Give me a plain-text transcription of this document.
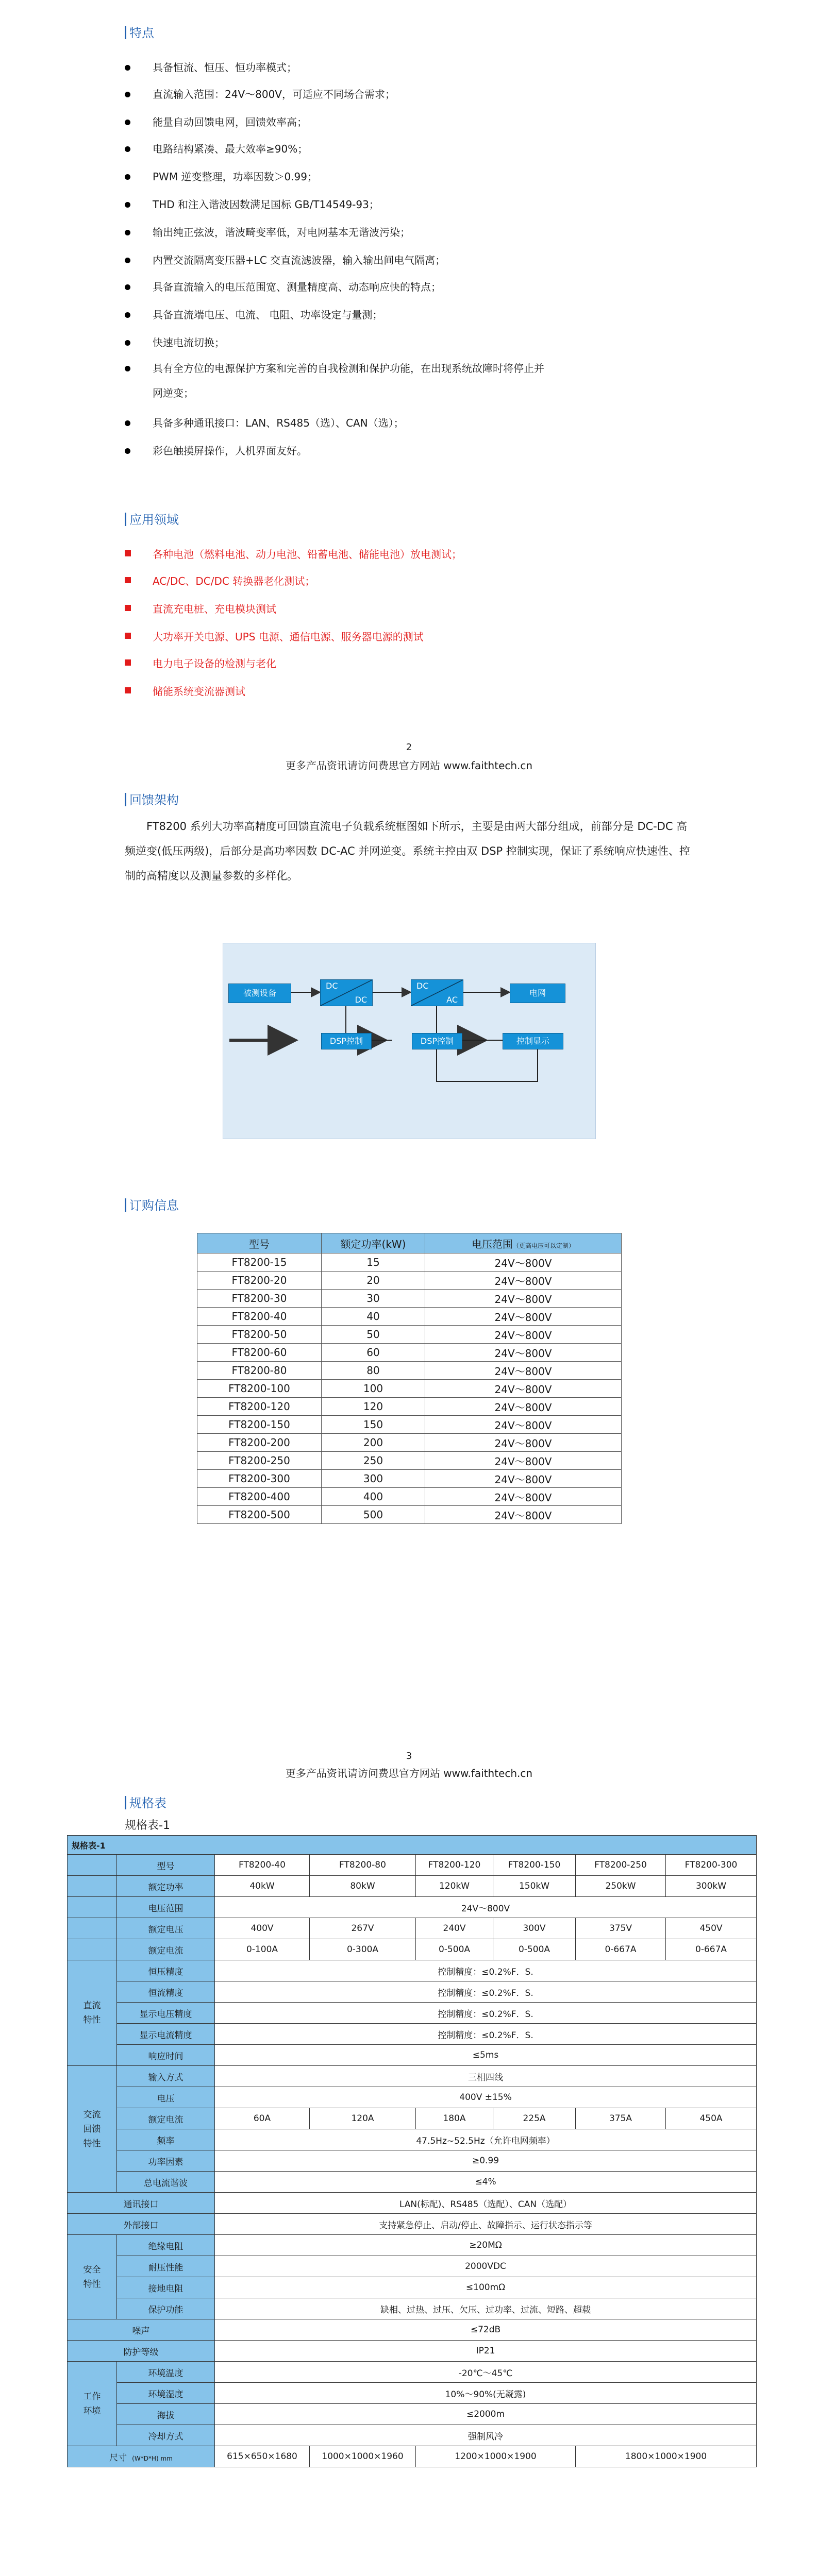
特点
具备恒流、恒压、恒功率模式；
直流输入范围：24V～800V，可适应不同场合需求；
能量自动回馈电网，回馈效率高；
电路结构紧凑、最大效率≥90%；
PWM 逆变整理，功率因数＞0.99；
THD 和注入谐波因数满足国标 GB/T14549-93；
输出纯正弦波，谐波畸变率低，对电网基本无谐波污染；
内置交流隔离变压器+LC 交直流滤波器，输入输出间电气隔离；
具备直流输入的电压范围宽、测量精度高、动态响应快的特点；
具备直流端电压、电流、 电阻、功率设定与量测；
快速电流切换；
具有全方位的电源保护方案和完善的自我检测和保护功能，在出现系统故障时将停止并
网逆变；
具备多种通讯接口：LAN、RS485（选）、CAN（选）；
彩色触摸屏操作，人机界面友好。
应用领域
各种电池（燃料电池、动力电池、铅蓄电池、储能电池）放电测试；
AC/DC、DC/DC 转换器老化测试；
直流充电桩、充电模块测试
大功率开关电源、UPS 电源、通信电源、服务器电源的测试
电力电子设备的检测与老化
储能系统变流器测试
2
更多产品资讯请访问费思官方网站 www.faithtech.cn
回馈架构
FT8200 系列大功率高精度可回馈直流电子负载系统框图如下所示，主要是由两大部分组成，前部分是 DC-DC 高频逆变(低压两级)，后部分是高功率因数 DC-AC 并网逆变。系统主控由双 DSP 控制实现，保证了系统响应快速性、控制的高精度以及测量参数的多样化。
被测设备
DC
DC
DC
AC
电网
DSP控制	DSP控制	控制显示
订购信息
型号	额定功率(kW)	电压范围（更高电压可以定制）
FT8200-15	15	24V～800V
FT8200-20	20	24V～800V
FT8200-30	30	24V～800V
FT8200-40	40	24V～800V
FT8200-50	50	24V～800V
FT8200-60	60	24V～800V
FT8200-80	80	24V～800V
FT8200-100	100	24V～800V
FT8200-120	120	24V～800V
FT8200-150	150	24V～800V
FT8200-200	200	24V～800V
FT8200-250	250	24V～800V
FT8200-300	300	24V～800V
FT8200-400	400	24V～800V
FT8200-500	500	24V～800V
3
更多产品资讯请访问费思官方网站 www.faithtech.cn
规格表
规格表-1
规格表-1							
	型号	FT8200-40	FT8200-80	FT8200-120	FT8200-150	FT8200-250	FT8200-300
	额定功率	40kW	80kW	120kW	150kW	250kW	300kW
	电压范围	24V～800V					
	额定电压	400V	267V	240V	300V	375V	450V
	额定电流	0-100A	0-300A	0-500A	0-500A	0-667A	0-667A
直流
特性	恒压精度	控制精度：≤0.2%F．S.					
	恒流精度	控制精度：≤0.2%F．S.					
	显示电压精度	控制精度：≤0.2%F．S.					
	显示电流精度	控制精度：≤0.2%F．S.					
	响应时间	≤5ms					
交流
回馈
特性	输入方式	三相四线					
	电压	400V ±15%					
	额定电流	60A	120A	180A	225A	375A	450A
	频率	47.5Hz~52.5Hz（允许电网频率）					
	功率因素	≥0.99					
	总电流谐波	≤4%					
通讯接口		LAN(标配)、RS485（选配）、CAN（选配）					
外部接口		支持紧急停止、启动/停止、故障指示、运行状态指示等					
安全
特性	绝缘电阻	≥20MΩ					
	耐压性能	2000VDC					
	接地电阻	≤100mΩ					
	保护功能	缺相、过热、过压、欠压、过功率、过流、短路、超载					
噪声		≤72dB					
防护等级		IP21					
工作
环境	环境温度	-20℃～45℃					
	环境湿度	10%～90%(无凝露)					
	海拔	≤2000m					
	冷却方式	强制风冷					
尺寸 (W*D*H) mm		615×650×1680	1000×1000×1960	1200×1000×1900		1800×1000×1900	
